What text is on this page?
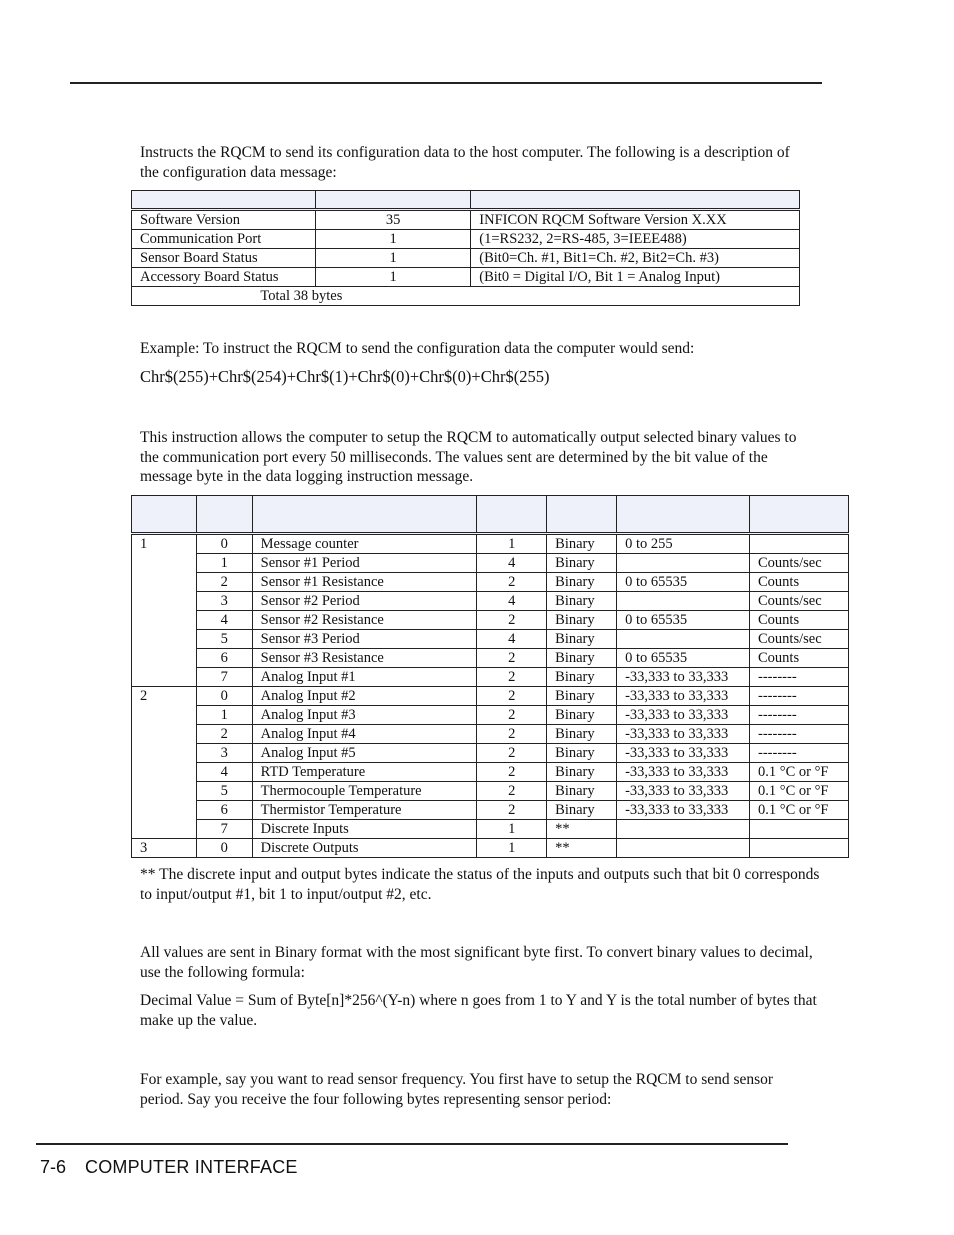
Instructs the RQCM to send its configuration data to the host computer. The following is a description of the configuration data message:

Software Version	35	INFICON RQCM Software Version X.XX
Communication Port	1	(1=RS232, 2=RS-485, 3=IEEE488)
Sensor Board Status	1	(Bit0=Ch. #1, Bit1=Ch. #2, Bit2=Ch. #3)
Accessory Board Status	1	(Bit0 = Digital I/O, Bit 1 = Analog Input)
Total 38 bytes		

Example: To instruct the RQCM to send the configuration data the computer would send:

Chr$(255)+Chr$(254)+Chr$(1)+Chr$(0)+Chr$(0)+Chr$(255)

This instruction allows the computer to setup the RQCM to automatically output selected binary values to the communication port every 50 milliseconds. The values sent are determined by the bit value of the message byte in the data logging instruction message.

1	0	Message counter	1	Binary	0 to 255	
	1	Sensor #1 Period	4	Binary		Counts/sec
	2	Sensor #1 Resistance	2	Binary	0 to 65535	Counts
	3	Sensor #2 Period	4	Binary		Counts/sec
	4	Sensor #2 Resistance	2	Binary	0 to 65535	Counts
	5	Sensor #3 Period	4	Binary		Counts/sec
	6	Sensor #3 Resistance	2	Binary	0 to 65535	Counts
	7	Analog Input #1	2	Binary	-33,333 to 33,333	--------
2	0	Analog Input #2	2	Binary	-33,333 to 33,333	--------
	1	Analog Input #3	2	Binary	-33,333 to 33,333	--------
	2	Analog Input #4	2	Binary	-33,333 to 33,333	--------
	3	Analog Input #5	2	Binary	-33,333 to 33,333	--------
	4	RTD Temperature	2	Binary	-33,333 to 33,333	0.1 °C or °F
	5	Thermocouple Temperature	2	Binary	-33,333 to 33,333	0.1 °C or °F
	6	Thermistor Temperature	2	Binary	-33,333 to 33,333	0.1 °C or °F
	7	Discrete Inputs	1	**		
3	0	Discrete Outputs	1	**		

** The discrete input and output bytes indicate the status of the inputs and outputs such that bit 0 corresponds to input/output #1, bit 1 to input/output #2, etc.

All values are sent in Binary format with the most significant byte first. To convert binary values to decimal, use the following formula:

Decimal Value = Sum of Byte[n]*256^(Y-n) where n goes from 1 to Y and Y is the total number of bytes that make up the value.

For example, say you want to read sensor frequency. You first have to setup the RQCM to send sensor period. Say you receive the four following bytes representing sensor period:

7-6 COMPUTER INTERFACE
